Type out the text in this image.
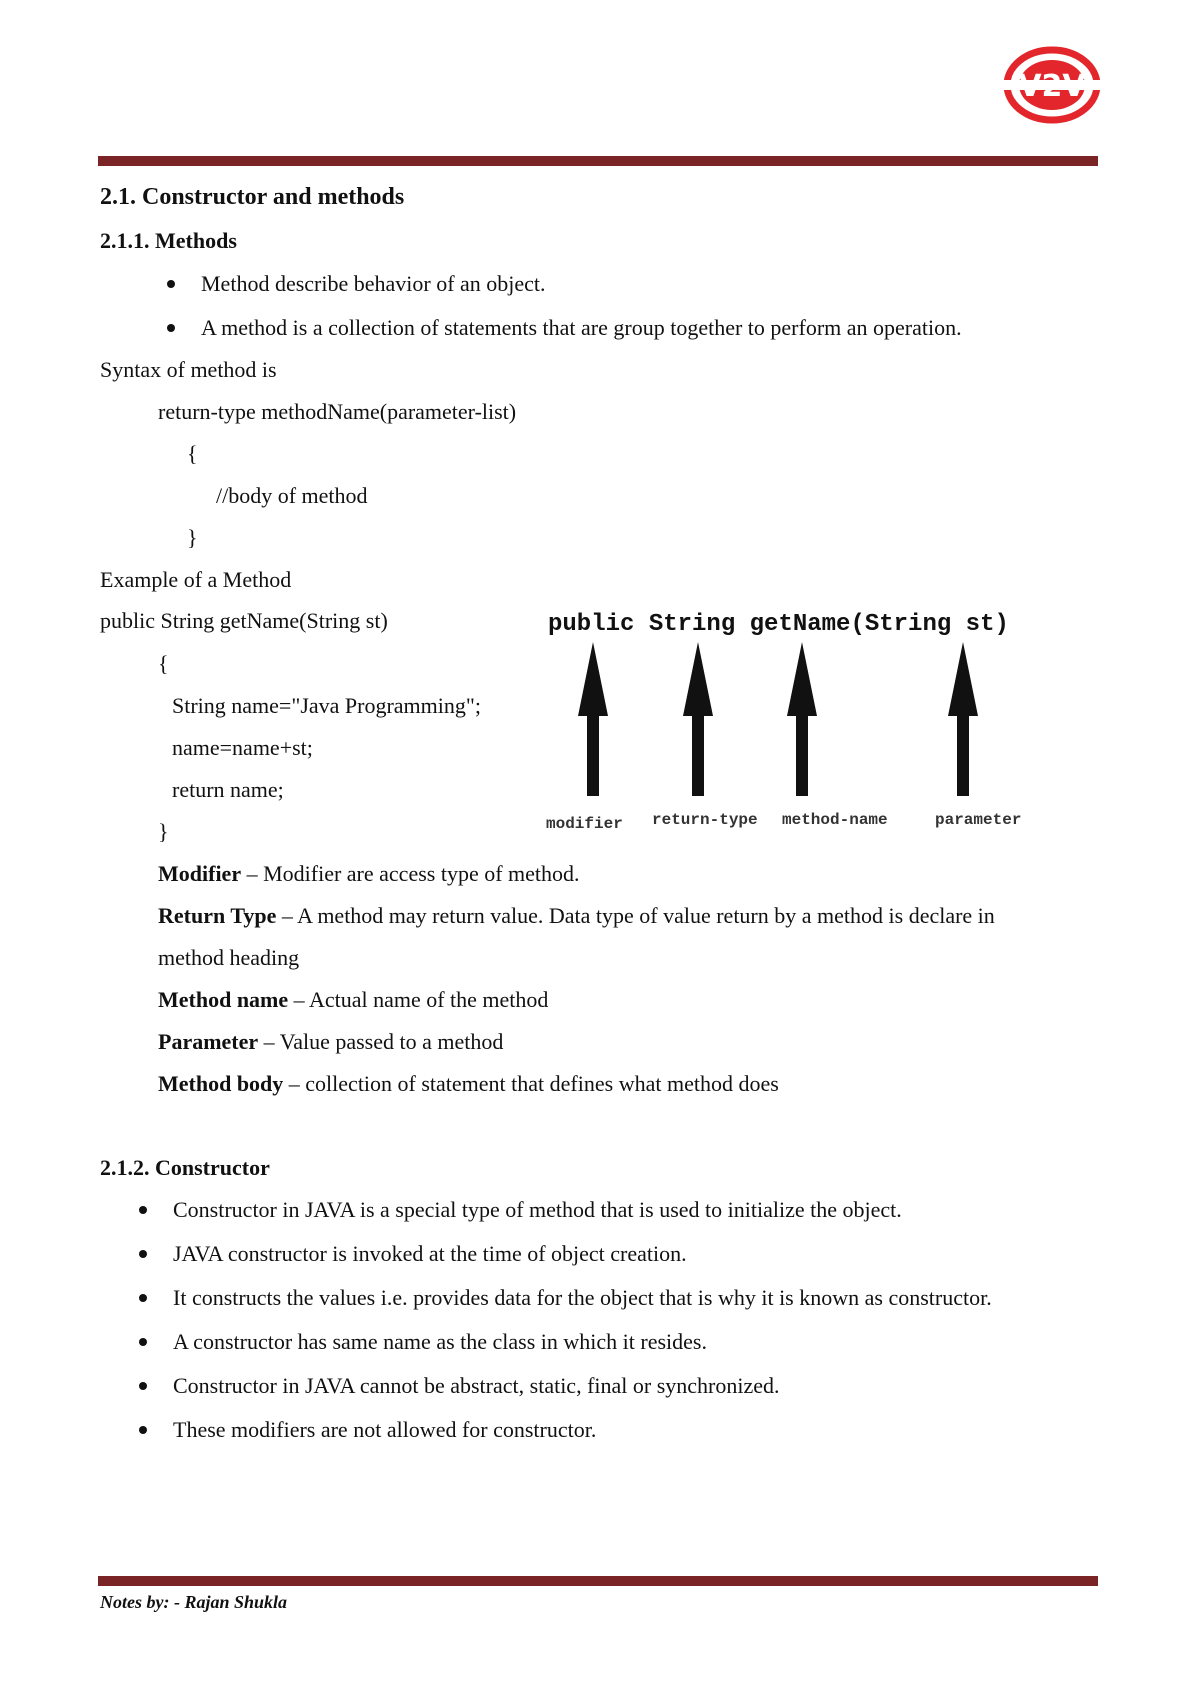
V2V
2.1. Constructor and methods
2.1.1. Methods
Method describe behavior of an object.
A method is a collection of statements that are group together to perform an operation.
Syntax of method is
return-type methodName(parameter-list)
{
//body of method
}
Example of a Method
public String getName(String st)
{
String name="Java Programming";
name=name+st;
return name;
}
public String getName(String st)
modifier return-type method-name	parameter
Modifier – Modifier are access type of method.
Return Type – A method may return value. Data type of value return by a method is declare in
method heading
Method name – Actual name of the method
Parameter – Value passed to a method
Method body – collection of statement that defines what method does
2.1.2. Constructor
Constructor in JAVA is a special type of method that is used to initialize the object.
JAVA constructor is invoked at the time of object creation.
It constructs the values i.e. provides data for the object that is why it is known as constructor.
A constructor has same name as the class in which it resides.
Constructor in JAVA cannot be abstract, static, final or synchronized.
These modifiers are not allowed for constructor.
Notes by: - Rajan Shukla
